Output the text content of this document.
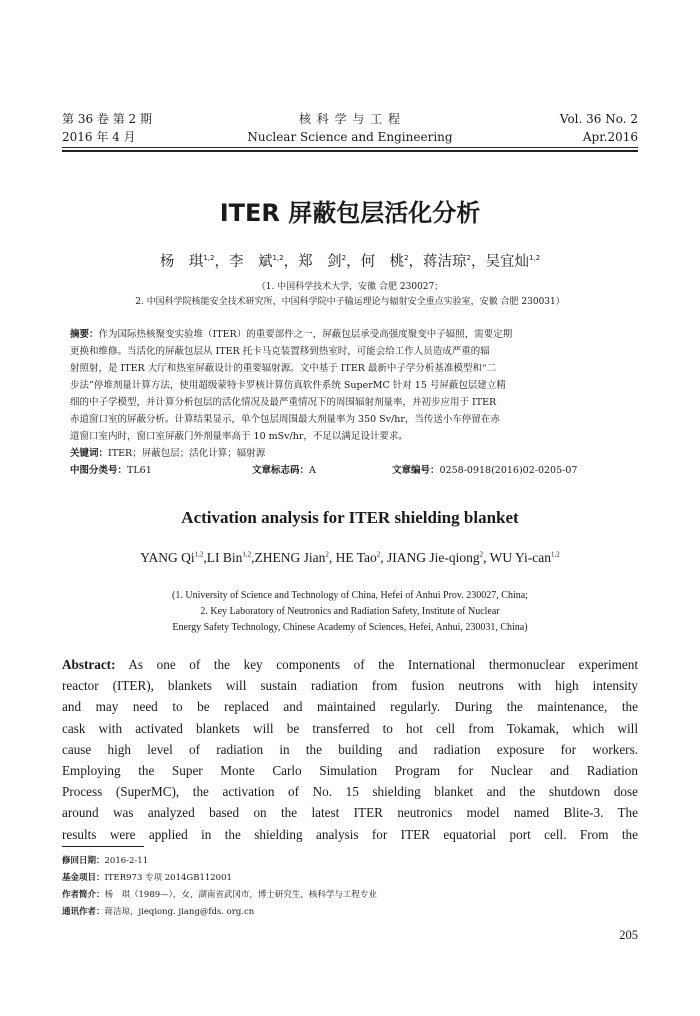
第 36 卷 第 2 期
2016 年 4 月
核 科 学 与 工 程
Nuclear Science and Engineering
Vol. 36 No. 2
Apr.2016
ITER 屏蔽包层活化分析
杨　琪$^{1,2}$，李　斌$^{1,2}$，郑　剑$^2$，何　桃$^2$，蒋洁琼$^2$，吴宜灿$^{1,2}$
（1. 中国科学技术大学，安徽 合肥 230027；
2. 中国科学院核能安全技术研究所，中国科学院中子输运理论与辐射安全重点实验室，安徽 合肥 230031）
摘要：作为国际热核聚变实验堆（ITER）的重要部件之一，屏蔽包层承受高强度聚变中子辐照，需要定期
更换和维修。当活化的屏蔽包层从 ITER 托卡马克装置移到热室时，可能会给工作人员造成严重的辐
射照射，是 ITER 大厅和热室屏蔽设计的重要辐射源。文中基于 ITER 最新中子学分析基准模型和“二
步法”停堆剂量计算方法，使用超级蒙特卡罗核计算仿真软件系统 SuperMC 针对 15 号屏蔽包层建立精
细的中子学模型，并计算分析包层的活化情况及最严重情况下的周围辐射剂量率，并初步应用于 ITER
赤道窗口室的屏蔽分析。计算结果显示，单个包层周围最大剂量率为 350 Sv/hr，当传送小车停留在赤
道窗口室内时，窗口室屏蔽门外剂量率高于 10 mSv/hr，不足以满足设计要求。
关键词：ITER；屏蔽包层；活化计算；辐射源
中图分类号：TL61	文章标志码：A	文章编号：0258-0918(2016)02-0205-07
Activation analysis for ITER shielding blanket
YANG Qi$^{1,2}$,LI Bin$^{1,2}$,ZHENG Jian$^2$, HE Tao$^2$, JIANG Jie-qiong$^2$, WU Yi-can$^{1,2}$
(1. University of Science and Technology of China, Hefei of Anhui Prov. 230027, China;
2. Key Laboratory of Neutronics and Radiation Safety, Institute of Nuclear
Energy Safety Technology, Chinese Academy of Sciences, Hefei, Anhui, 230031, China)
Abstract: As one of the key components of the International thermonuclear experiment
reactor (ITER), blankets will sustain radiation from fusion neutrons with high intensity
and may need to be replaced and maintained regularly. During the maintenance, the
cask with activated blankets will be transferred to hot cell from Tokamak, which will
cause high level of radiation in the building and radiation exposure for workers.
Employing the Super Monte Carlo Simulation Program for Nuclear and Radiation
Process (SuperMC), the activation of No. 15 shielding blanket and the shutdown dose
around was analyzed based on the latest ITER neutronics model named Blite-3. The
results were applied in the shielding analysis for ITER equatorial port cell. From the
修回日期：2016-2-11
基金项目：ITER973 专项 2014GB112001
作者简介：杨　琪（1989—），女，湖南省武冈市，博士研究生，核科学与工程专业
通讯作者：蒋洁琼，jieqiong. jiang@fds. org.cn
205
